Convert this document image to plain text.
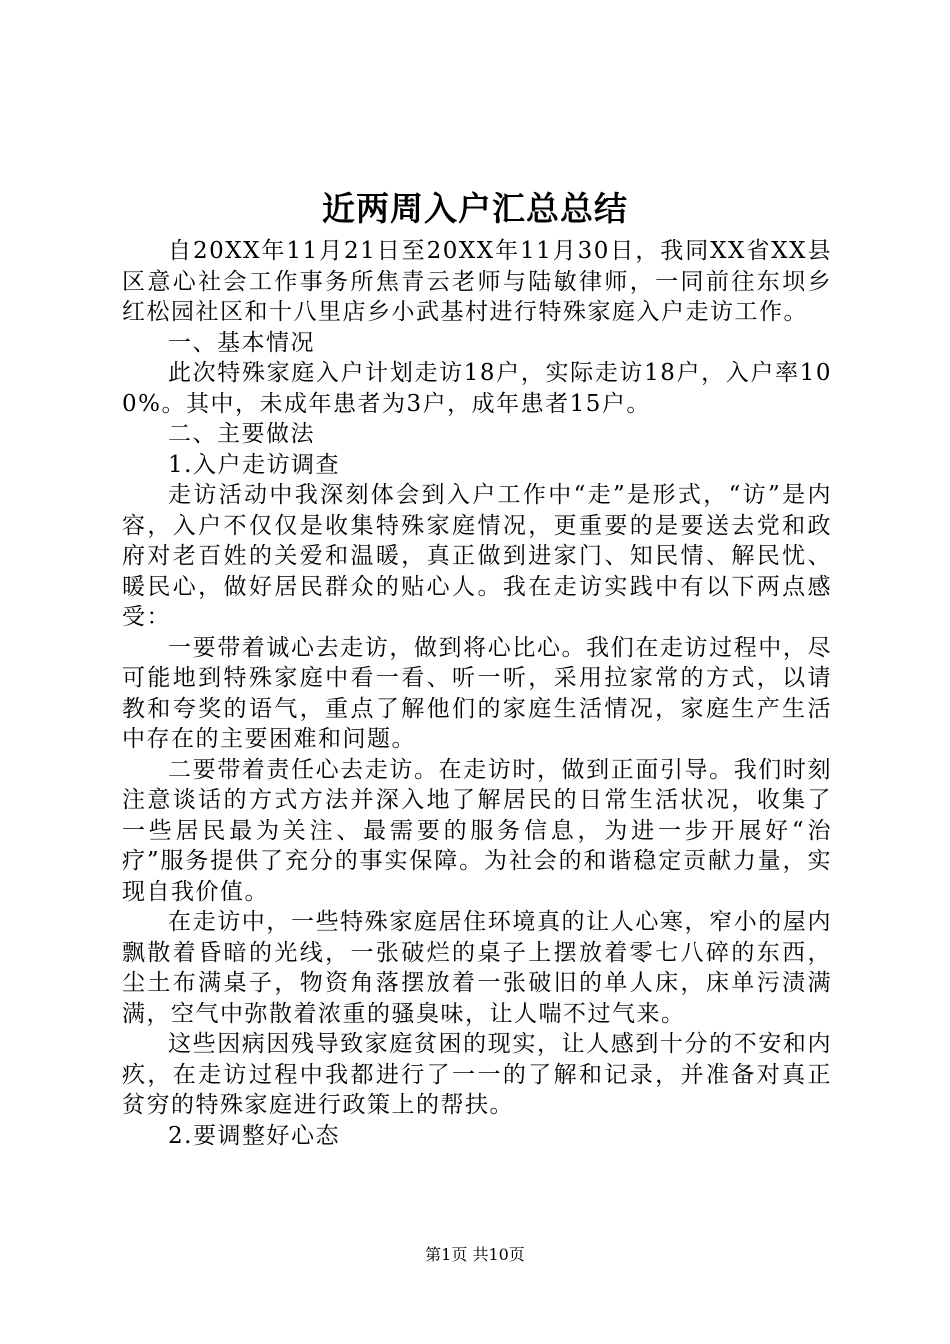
近两周入户汇总总结

自20XX年11月21日至20XX年11月30日，我同XX省XX县区意心社会工作事务所焦青云老师与陆敏律师，一同前往东坝乡红松园社区和十八里店乡小武基村进行特殊家庭入户走访工作。

一、基本情况

此次特殊家庭入户计划走访18户，实际走访18户，入户率100%。其中，未成年患者为3户，成年患者15户。

二、主要做法

1.入户走访调查

走访活动中我深刻体会到入户工作中“走”是形式，“访”是内容，入户不仅仅是收集特殊家庭情况，更重要的是要送去党和政府对老百姓的关爱和温暖，真正做到进家门、知民情、解民忧、暖民心，做好居民群众的贴心人。我在走访实践中有以下两点感受：

一要带着诚心去走访，做到将心比心。我们在走访过程中，尽可能地到特殊家庭中看一看、听一听，采用拉家常的方式，以请教和夸奖的语气，重点了解他们的家庭生活情况，家庭生产生活中存在的主要困难和问题。

二要带着责任心去走访。在走访时，做到正面引导。我们时刻注意谈话的方式方法并深入地了解居民的日常生活状况，收集了一些居民最为关注、最需要的服务信息，为进一步开展好“治疗”服务提供了充分的事实保障。为社会的和谐稳定贡献力量，实现自我价值。

在走访中，一些特殊家庭居住环境真的让人心寒，窄小的屋内飘散着昏暗的光线，一张破烂的桌子上摆放着零七八碎的东西，尘土布满桌子，物资角落摆放着一张破旧的单人床，床单污渍满满，空气中弥散着浓重的骚臭味，让人喘不过气来。

这些因病因残导致家庭贫困的现实，让人感到十分的不安和内疚，在走访过程中我都进行了一一的了解和记录，并准备对真正贫穷的特殊家庭进行政策上的帮扶。

2.要调整好心态

第1页 共10页
